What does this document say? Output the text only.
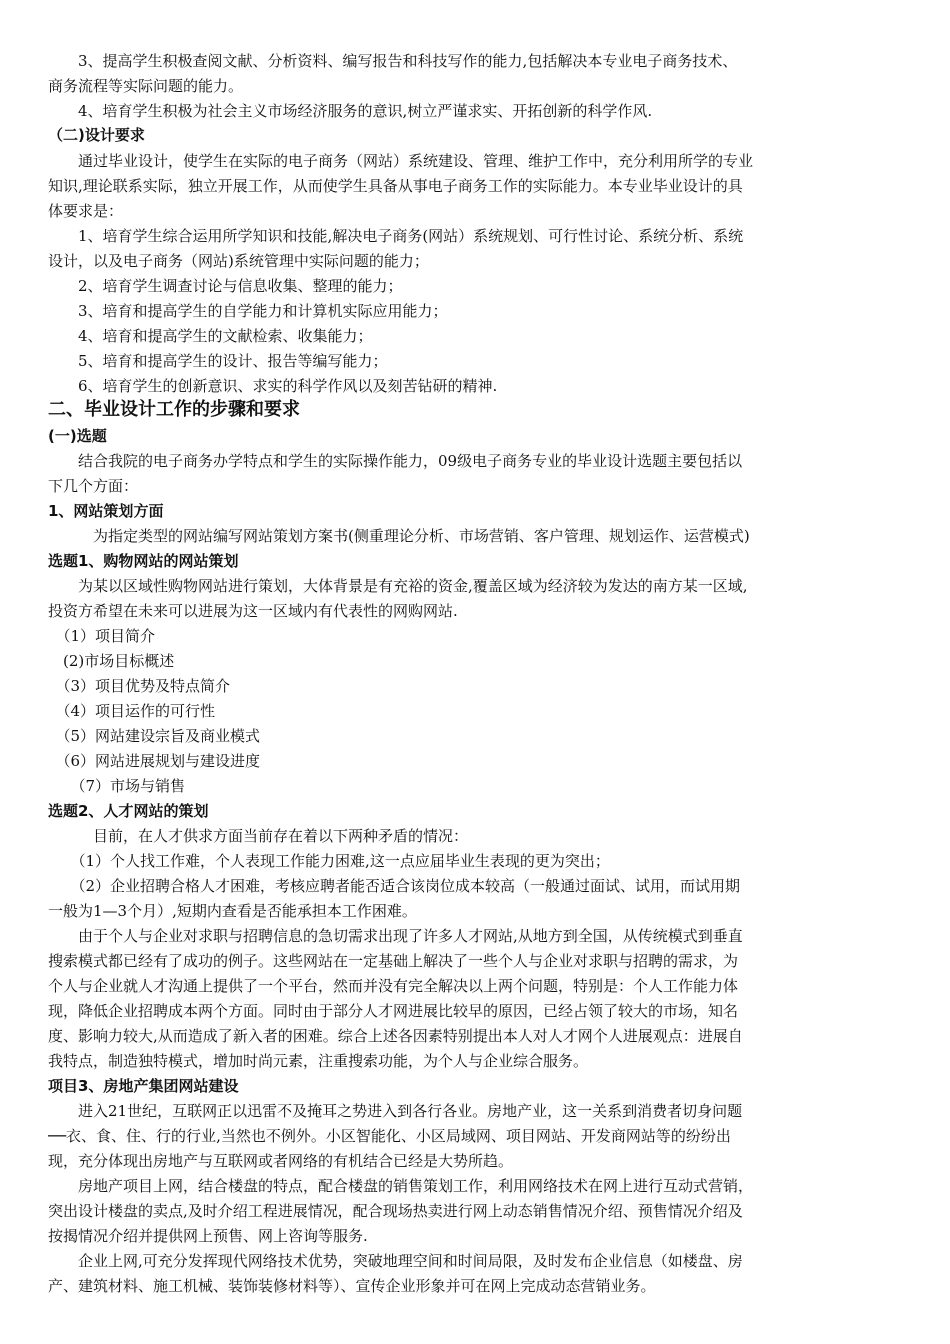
　　3、提高学生积极查阅文献、分析资料、编写报告和科技写作的能力,包括解决本专业电子商务技术、
商务流程等实际问题的能力。
　　4、培育学生积极为社会主义市场经济服务的意识,树立严谨求实、开拓创新的科学作风.
（二)设计要求
　　通过毕业设计，使学生在实际的电子商务（网站）系统建设、管理、维护工作中，充分利用所学的专业
知识,理论联系实际，独立开展工作，从而使学生具备从事电子商务工作的实际能力。本专业毕业设计的具
体要求是：
　　1、培育学生综合运用所学知识和技能,解决电子商务(网站）系统规划、可行性讨论、系统分析、系统
设计，以及电子商务（网站)系统管理中实际问题的能力；
　　2、培育学生调查讨论与信息收集、整理的能力；
　　3、培育和提高学生的自学能力和计算机实际应用能力；
　　4、培育和提高学生的文献检索、收集能力；
　　5、培育和提高学生的设计、报告等编写能力；
　　6、培育学生的创新意识、求实的科学作风以及刻苦钻研的精神.
二、毕业设计工作的步骤和要求
(一)选题
　　结合我院的电子商务办学特点和学生的实际操作能力，09级电子商务专业的毕业设计选题主要包括以
下几个方面：
1、网站策划方面
　　　为指定类型的网站编写网站策划方案书(侧重理论分析、市场营销、客户管理、规划运作、运营模式)
选题1、购物网站的网站策划
　　为某以区域性购物网站进行策划，大体背景是有充裕的资金,覆盖区域为经济较为发达的南方某一区域,
投资方希望在未来可以进展为这一区域内有代表性的网购网站.
　（1）项目简介
　(2)市场目标概述
　（3）项目优势及特点简介
　（4）项目运作的可行性
　（5）网站建设宗旨及商业模式
　（6）网站进展规划与建设进度
　　（7）市场与销售
选题2、人才网站的策划
　　　目前，在人才供求方面当前存在着以下两种矛盾的情况：
　　（1）个人找工作难，个人表现工作能力困难,这一点应届毕业生表现的更为突出；
　　（2）企业招聘合格人才困难，考核应聘者能否适合该岗位成本较高（一般通过面试、试用，而试用期
一般为1—3个月）,短期内查看是否能承担本工作困难。
　　由于个人与企业对求职与招聘信息的急切需求出现了许多人才网站,从地方到全国，从传统模式到垂直
搜索模式都已经有了成功的例子。这些网站在一定基础上解决了一些个人与企业对求职与招聘的需求，为
个人与企业就人才沟通上提供了一个平台，然而并没有完全解决以上两个问题，特别是：个人工作能力体
现，降低企业招聘成本两个方面。同时由于部分人才网进展比较早的原因，已经占领了较大的市场，知名
度、影响力较大,从而造成了新入者的困难。综合上述各因素特别提出本人对人才网个人进展观点：进展自
我特点，制造独特模式，增加时尚元素，注重搜索功能，为个人与企业综合服务。
项目3、房地产集团网站建设
　　进入21世纪，互联网正以迅雷不及掩耳之势进入到各行各业。房地产业，这一关系到消费者切身问题
──衣、食、住、行的行业,当然也不例外。小区智能化、小区局域网、项目网站、开发商网站等的纷纷出
现，充分体现出房地产与互联网或者网络的有机结合已经是大势所趋。
　　房地产项目上网，结合楼盘的特点，配合楼盘的销售策划工作，利用网络技术在网上进行互动式营销，
突出设计楼盘的卖点,及时介绍工程进展情况，配合现场热卖进行网上动态销售情况介绍、预售情况介绍及
按揭情况介绍并提供网上预售、网上咨询等服务.
　　企业上网,可充分发挥现代网络技术优势，突破地理空间和时间局限，及时发布企业信息（如楼盘、房
产、建筑材料、施工机械、装饰装修材料等）、宣传企业形象并可在网上完成动态营销业务。
